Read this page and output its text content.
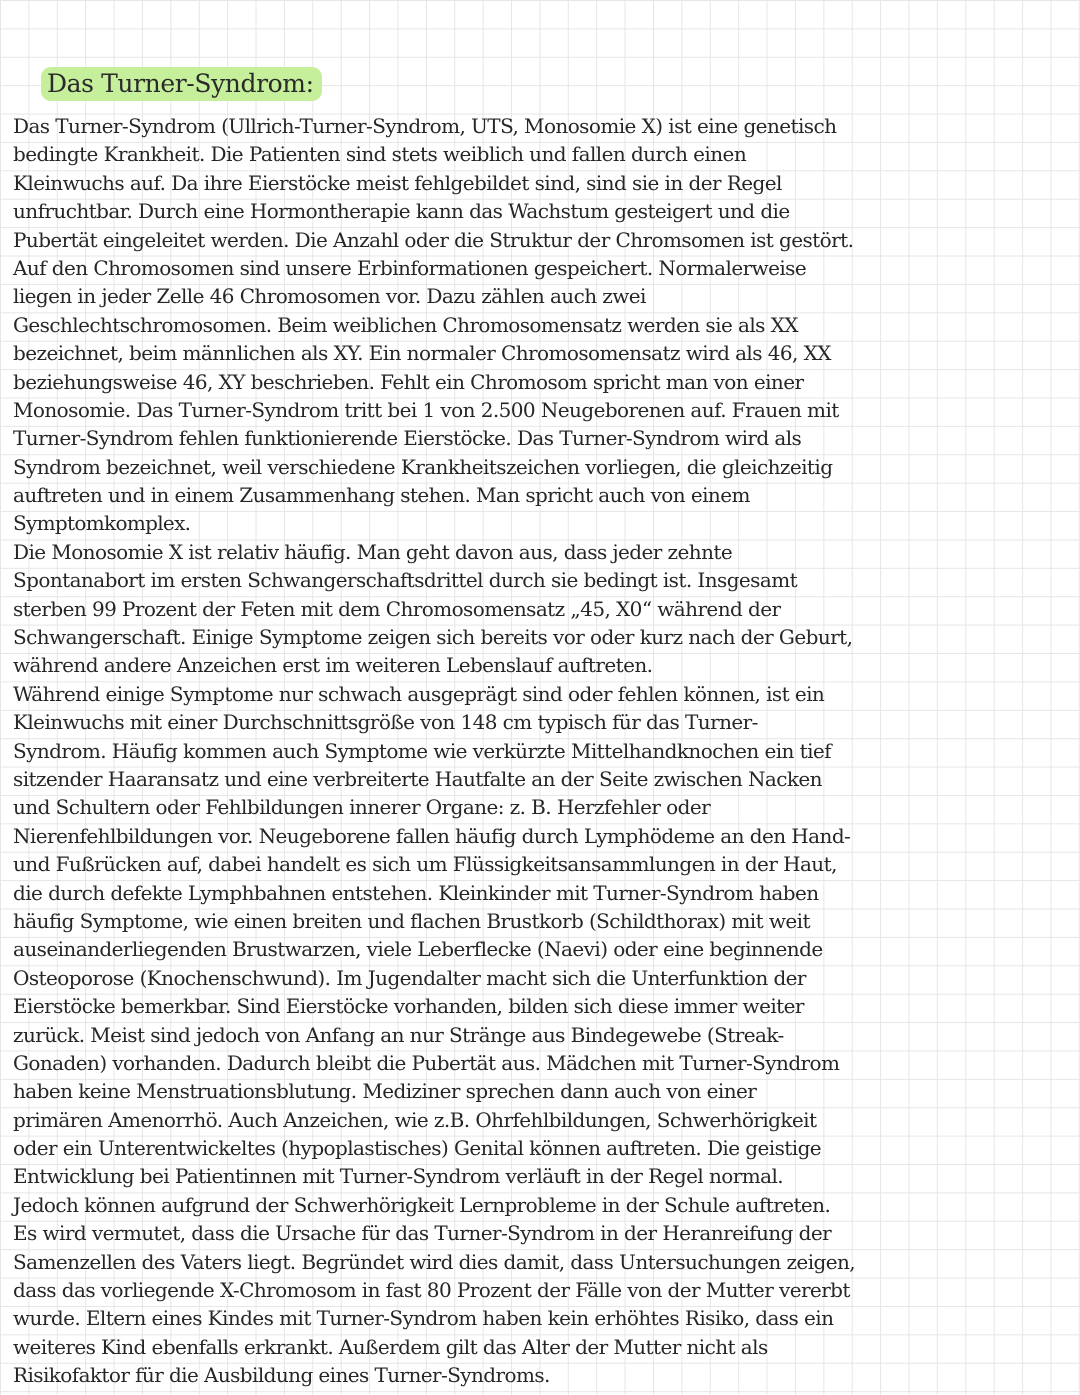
Das Turner-Syndrom:
Das Turner-Syndrom (Ullrich-Turner-Syndrom, UTS, Monosomie X) ist eine genetisch
bedingte Krankheit. Die Patienten sind stets weiblich und fallen durch einen
Kleinwuchs auf. Da ihre Eierstöcke meist fehlgebildet sind, sind sie in der Regel
unfruchtbar. Durch eine Hormontherapie kann das Wachstum gesteigert und die
Pubertät eingeleitet werden. Die Anzahl oder die Struktur der Chromsomen ist gestört.
Auf den Chromosomen sind unsere Erbinformationen gespeichert. Normalerweise
liegen in jeder Zelle 46 Chromosomen vor. Dazu zählen auch zwei
Geschlechtschromosomen. Beim weiblichen Chromosomensatz werden sie als XX
bezeichnet, beim männlichen als XY. Ein normaler Chromosomensatz wird als 46, XX
beziehungsweise 46, XY beschrieben. Fehlt ein Chromosom spricht man von einer
Monosomie. Das Turner-Syndrom tritt bei 1 von 2.500 Neugeborenen auf. Frauen mit
Turner-Syndrom fehlen funktionierende Eierstöcke. Das Turner-Syndrom wird als
Syndrom bezeichnet, weil verschiedene Krankheitszeichen vorliegen, die gleichzeitig
auftreten und in einem Zusammenhang stehen. Man spricht auch von einem
Symptomkomplex.
Die Monosomie X ist relativ häufig. Man geht davon aus, dass jeder zehnte
Spontanabort im ersten Schwangerschaftsdrittel durch sie bedingt ist. Insgesamt
sterben 99 Prozent der Feten mit dem Chromosomensatz „45, X0“ während der
Schwangerschaft. Einige Symptome zeigen sich bereits vor oder kurz nach der Geburt,
während andere Anzeichen erst im weiteren Lebenslauf auftreten.
Während einige Symptome nur schwach ausgeprägt sind oder fehlen können, ist ein
Kleinwuchs mit einer Durchschnittsgröße von 148 cm typisch für das Turner-
Syndrom. Häufig kommen auch Symptome wie verkürzte Mittelhandknochen ein tief
sitzender Haaransatz und eine verbreiterte Hautfalte an der Seite zwischen Nacken
und Schultern oder Fehlbildungen innerer Organe: z. B. Herzfehler oder
Nierenfehlbildungen vor. Neugeborene fallen häufig durch Lymphödeme an den Hand-
und Fußrücken auf, dabei handelt es sich um Flüssigkeitsansammlungen in der Haut,
die durch defekte Lymphbahnen entstehen. Kleinkinder mit Turner-Syndrom haben
häufig Symptome, wie einen breiten und flachen Brustkorb (Schildthorax) mit weit
auseinanderliegenden Brustwarzen, viele Leberflecke (Naevi) oder eine beginnende
Osteoporose (Knochenschwund). Im Jugendalter macht sich die Unterfunktion der
Eierstöcke bemerkbar. Sind Eierstöcke vorhanden, bilden sich diese immer weiter
zurück. Meist sind jedoch von Anfang an nur Stränge aus Bindegewebe (Streak-
Gonaden) vorhanden. Dadurch bleibt die Pubertät aus. Mädchen mit Turner-Syndrom
haben keine Menstruationsblutung. Mediziner sprechen dann auch von einer
primären Amenorrhö. Auch Anzeichen, wie z.B. Ohrfehlbildungen, Schwerhörigkeit
oder ein Unterentwickeltes (hypoplastisches) Genital können auftreten. Die geistige
Entwicklung bei Patientinnen mit Turner-Syndrom verläuft in der Regel normal.
Jedoch können aufgrund der Schwerhörigkeit Lernprobleme in der Schule auftreten.
Es wird vermutet, dass die Ursache für das Turner-Syndrom in der Heranreifung der
Samenzellen des Vaters liegt. Begründet wird dies damit, dass Untersuchungen zeigen,
dass das vorliegende X-Chromosom in fast 80 Prozent der Fälle von der Mutter vererbt
wurde. Eltern eines Kindes mit Turner-Syndrom haben kein erhöhtes Risiko, dass ein
weiteres Kind ebenfalls erkrankt. Außerdem gilt das Alter der Mutter nicht als
Risikofaktor für die Ausbildung eines Turner-Syndroms.
